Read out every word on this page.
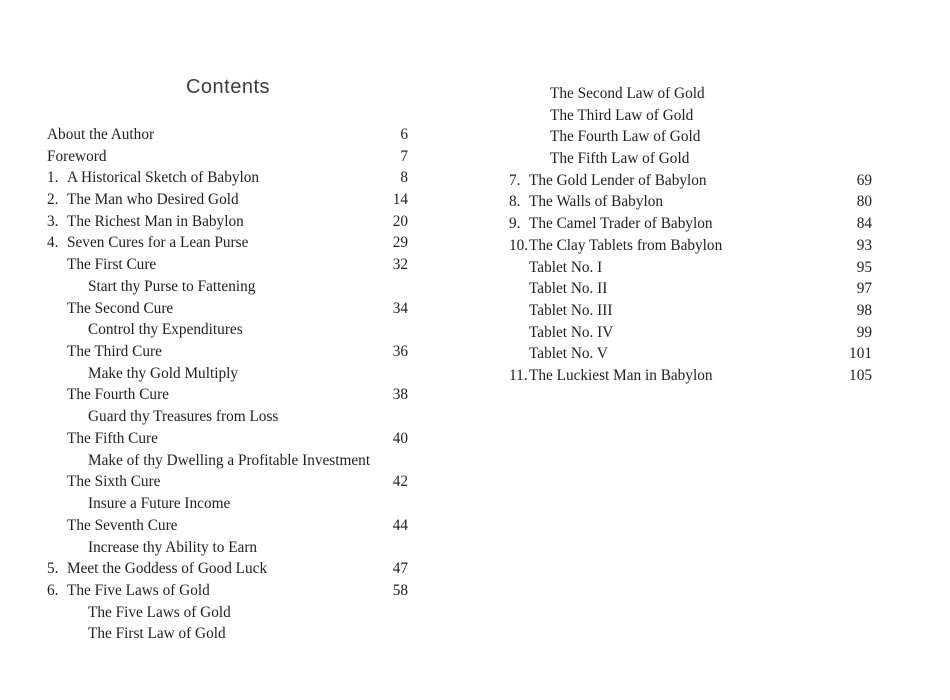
Contents
About the Author	6
Foreword	7
1. A Historical Sketch of Babylon	8
2. The Man who Desired Gold	14
3. The Richest Man in Babylon	20
4. Seven Cures for a Lean Purse	29
The First Cure	32
Start thy Purse to Fattening
The Second Cure	34
Control thy Expenditures
The Third Cure	36
Make thy Gold Multiply
The Fourth Cure	38
Guard thy Treasures from Loss
The Fifth Cure	40
Make of thy Dwelling a Profitable Investment
The Sixth Cure	42
Insure a Future Income
The Seventh Cure	44
Increase thy Ability to Earn
5. Meet the Goddess of Good Luck	47
6. The Five Laws of Gold	58
The Five Laws of Gold
The First Law of Gold
The Second Law of Gold
The Third Law of Gold
The Fourth Law of Gold
The Fifth Law of Gold
7. The Gold Lender of Babylon	69
8. The Walls of Babylon	80
9. The Camel Trader of Babylon	84
10. The Clay Tablets from Babylon	93
Tablet No. I	95
Tablet No. II	97
Tablet No. III	98
Tablet No. IV	99
Tablet No. V	101
11. The Luckiest Man in Babylon	105
